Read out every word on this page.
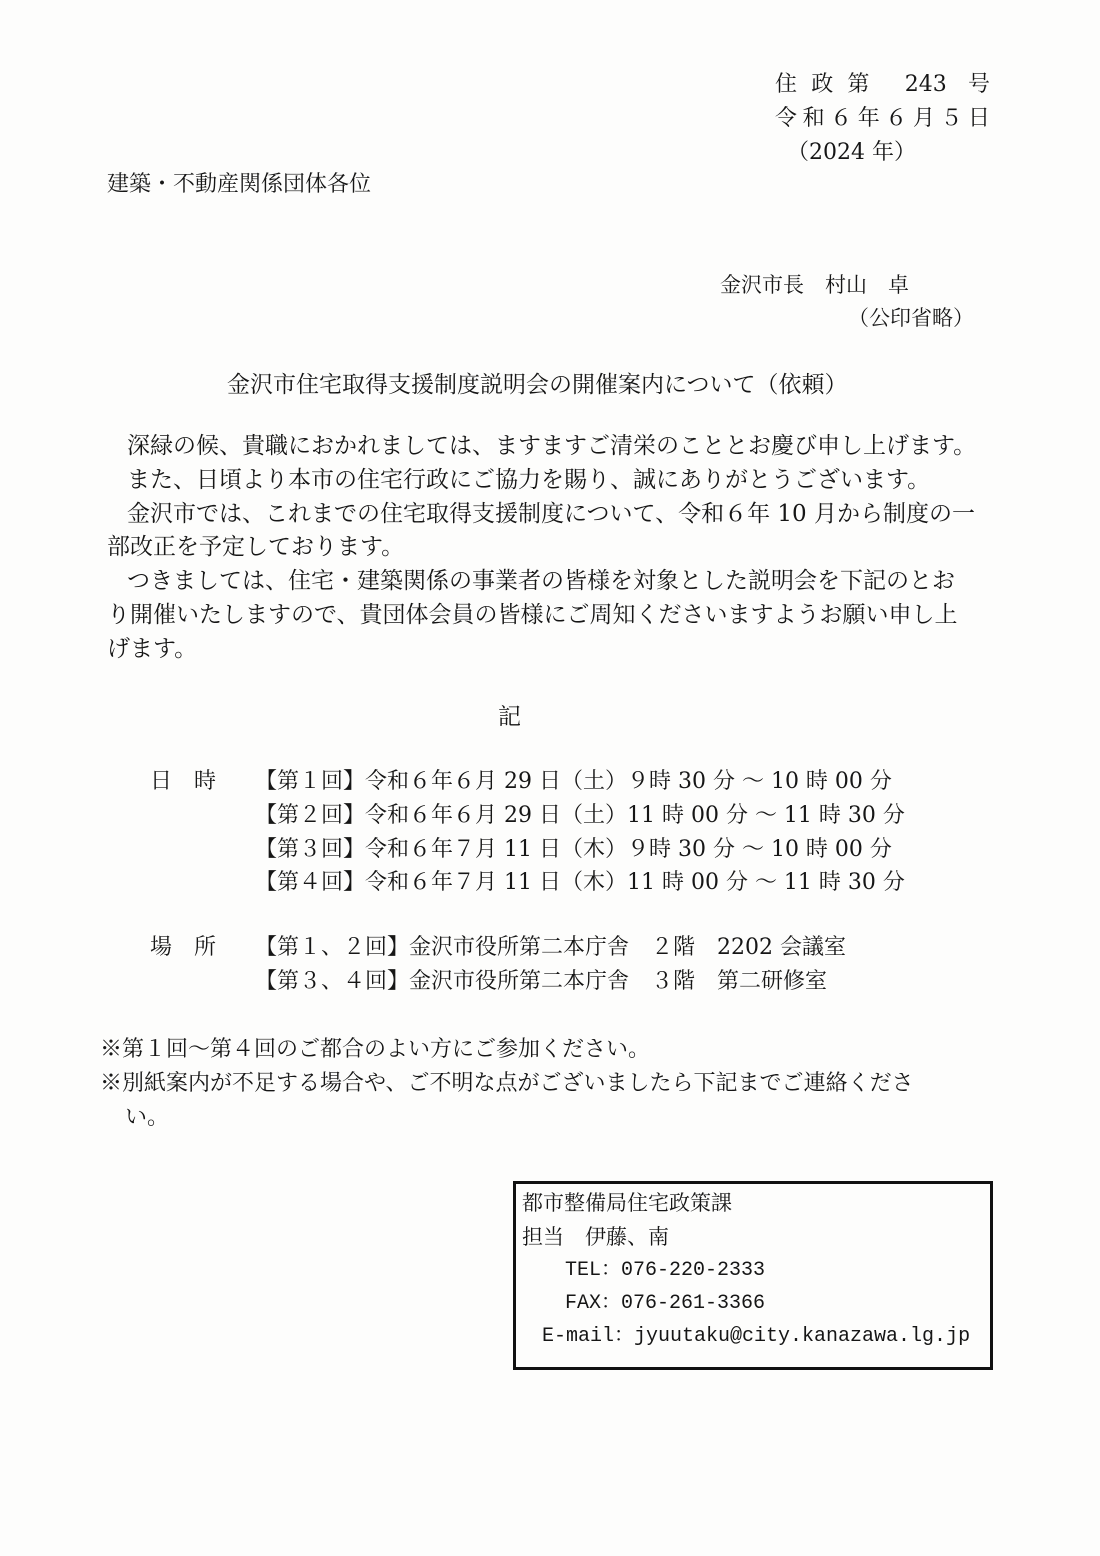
住政第 243 号
令和６年６月５日
（2024 年）
建築・不動産関係団体各位
金沢市長　村山　卓
（公印省略）
金沢市住宅取得支援制度説明会の開催案内について（依頼）
深緑の候、貴職におかれましては、ますますご清栄のこととお慶び申し上げます。
また、日頃より本市の住宅行政にご協力を賜り、誠にありがとうございます。
金沢市では、これまでの住宅取得支援制度について、令和６年 10 月から制度の一
部改正を予定しております。
つきましては、住宅・建築関係の事業者の皆様を対象とした説明会を下記のとお
り開催いたしますので、貴団体会員の皆様にご周知くださいますようお願い申し上
げます。
記
日　時 【第１回】令和６年６月 29 日（土）９時 30 分 ～ 10 時 00 分
【第２回】令和６年６月 29 日（土）11 時 00 分 ～ 11 時 30 分
【第３回】令和６年７月 11 日（木）９時 30 分 ～ 10 時 00 分
【第４回】令和６年７月 11 日（木）11 時 00 分 ～ 11 時 30 分
場　所 【第１、２回】金沢市役所第二本庁舎　２階　2202 会議室
【第３、４回】金沢市役所第二本庁舎　３階　第二研修室
※第１回～第４回のご都合のよい方にご参加ください。
※別紙案内が不足する場合や、ご不明な点がございましたら下記までご連絡くださ
い。
都市整備局住宅政策課
担当　伊藤、南
TEL：076-220-2333
FAX：076-261-3366
E-mail：jyuutaku@city.kanazawa.lg.jp
